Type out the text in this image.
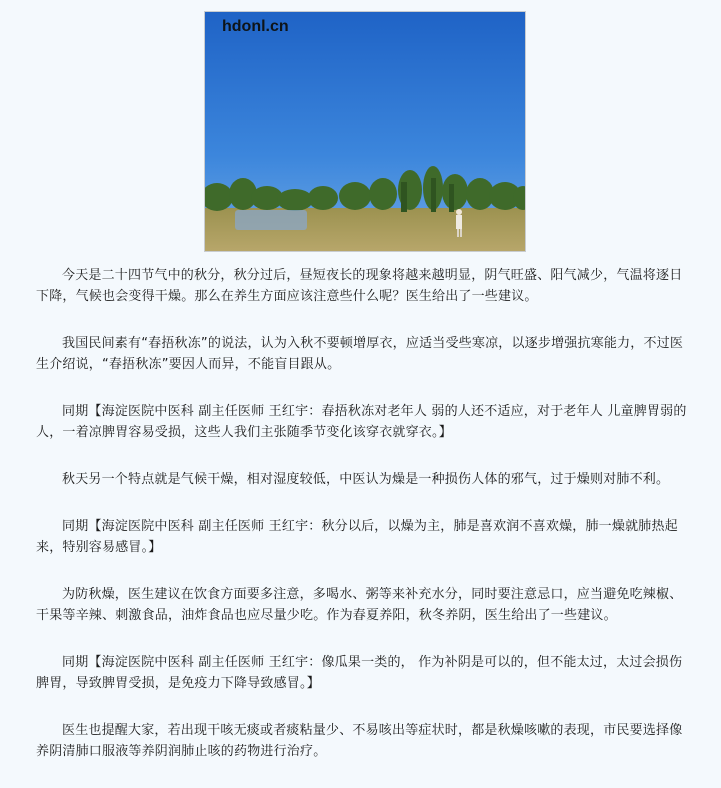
hdonl.cn

今天是二十四节气中的秋分，秋分过后，昼短夜长的现象将越来越明显，阴气旺盛、阳气减少，气温将逐日下降，气候也会变得干燥。那么在养生方面应该注意些什么呢？医生给出了一些建议。

我国民间素有“春捂秋冻”的说法，认为入秋不要顿增厚衣，应适当受些寒凉，以逐步增强抗寒能力，不过医生介绍说，“春捂秋冻”要因人而异，不能盲目跟从。

同期【海淀医院中医科 副主任医师 王红宇：春捂秋冻对老年人 弱的人还不适应，对于老年人 儿童脾胃弱的人，一着凉脾胃容易受损，这些人我们主张随季节变化该穿衣就穿衣。】

秋天另一个特点就是气候干燥，相对湿度较低，中医认为燥是一种损伤人体的邪气，过于燥则对肺不利。

同期【海淀医院中医科 副主任医师 王红宇：秋分以后，以燥为主，肺是喜欢润不喜欢燥，肺一燥就肺热起来，特别容易感冒。】

为防秋燥，医生建议在饮食方面要多注意，多喝水、粥等来补充水分，同时要注意忌口，应当避免吃辣椒、干果等辛辣、刺激食品，油炸食品也应尽量少吃。作为春夏养阳，秋冬养阴，医生给出了一些建议。

同期【海淀医院中医科 副主任医师 王红宇：像瓜果一类的， 作为补阴是可以的，但不能太过，太过会损伤脾胃，导致脾胃受损，是免疫力下降导致感冒。】

医生也提醒大家，若出现干咳无痰或者痰粘量少、不易咳出等症状时，都是秋燥咳嗽的表现，市民要选择像养阴清肺口服液等养阴润肺止咳的药物进行治疗。
